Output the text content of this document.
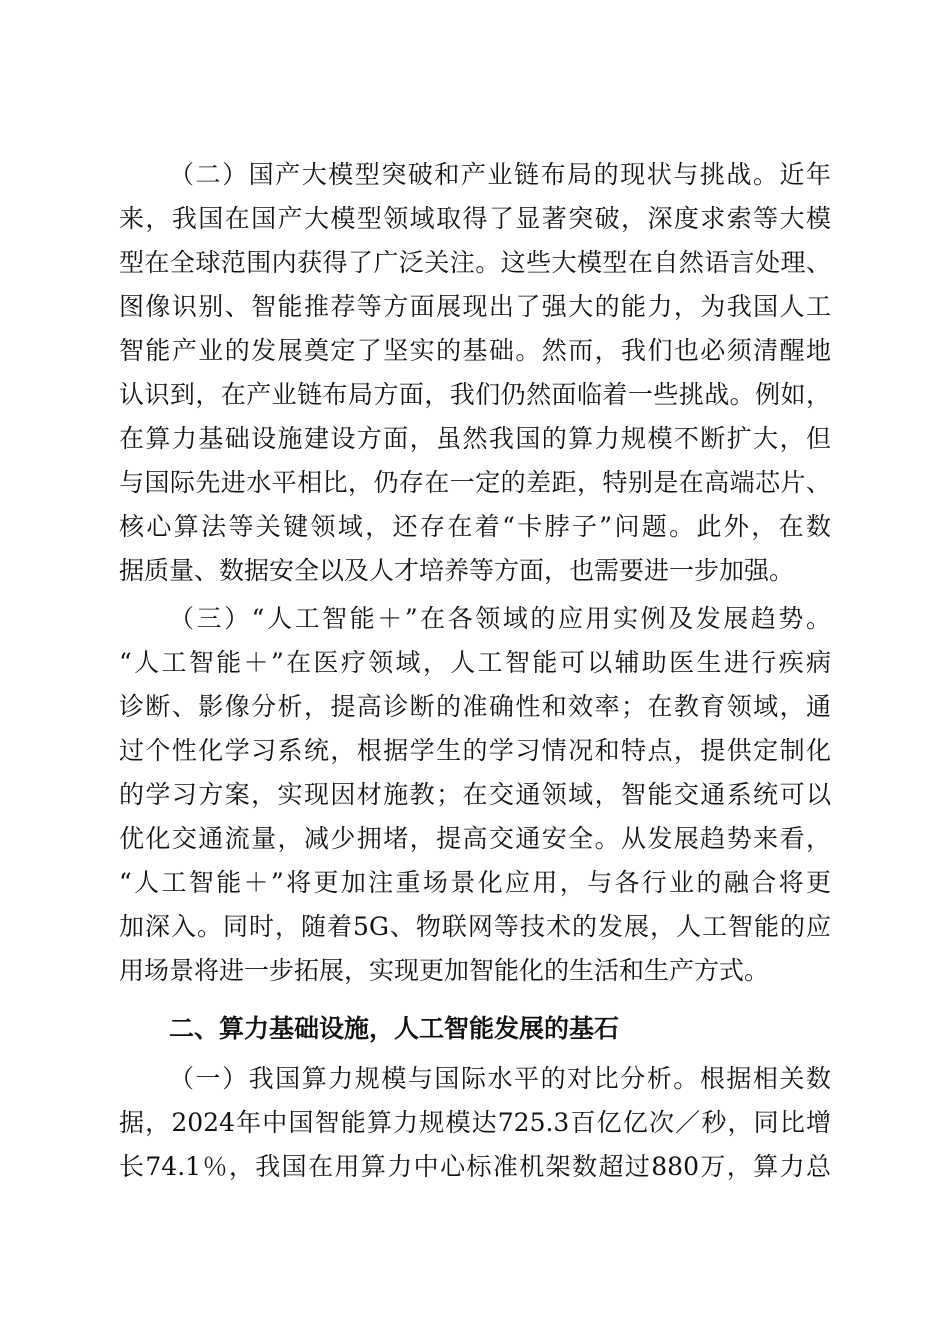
（二）国产大模型突破和产业链布局的现状与挑战。近年
来，我国在国产大模型领域取得了显著突破，深度求索等大模
型在全球范围内获得了广泛关注。这些大模型在自然语言处理、
图像识别、智能推荐等方面展现出了强大的能力，为我国人工
智能产业的发展奠定了坚实的基础。然而，我们也必须清醒地
认识到，在产业链布局方面，我们仍然面临着一些挑战。例如，
在算力基础设施建设方面，虽然我国的算力规模不断扩大，但
与国际先进水平相比，仍存在一定的差距，特别是在高端芯片、
核心算法等关键领域，还存在着“卡脖子”问题。此外，在数
据质量、数据安全以及人才培养等方面，也需要进一步加强。
（三）“人工智能＋”在各领域的应用实例及发展趋势。
“人工智能＋”在医疗领域，人工智能可以辅助医生进行疾病
诊断、影像分析，提高诊断的准确性和效率；在教育领域，通
过个性化学习系统，根据学生的学习情况和特点，提供定制化
的学习方案，实现因材施教；在交通领域，智能交通系统可以
优化交通流量，减少拥堵，提高交通安全。从发展趋势来看，
“人工智能＋”将更加注重场景化应用，与各行业的融合将更
加深入。同时，随着5G、物联网等技术的发展，人工智能的应
用场景将进一步拓展，实现更加智能化的生活和生产方式。
二、算力基础设施，人工智能发展的基石
（一）我国算力规模与国际水平的对比分析。根据相关数
据，2024年中国智能算力规模达725.3百亿亿次／秒，同比增
长74.1％，我国在用算力中心标准机架数超过880万，算力总
